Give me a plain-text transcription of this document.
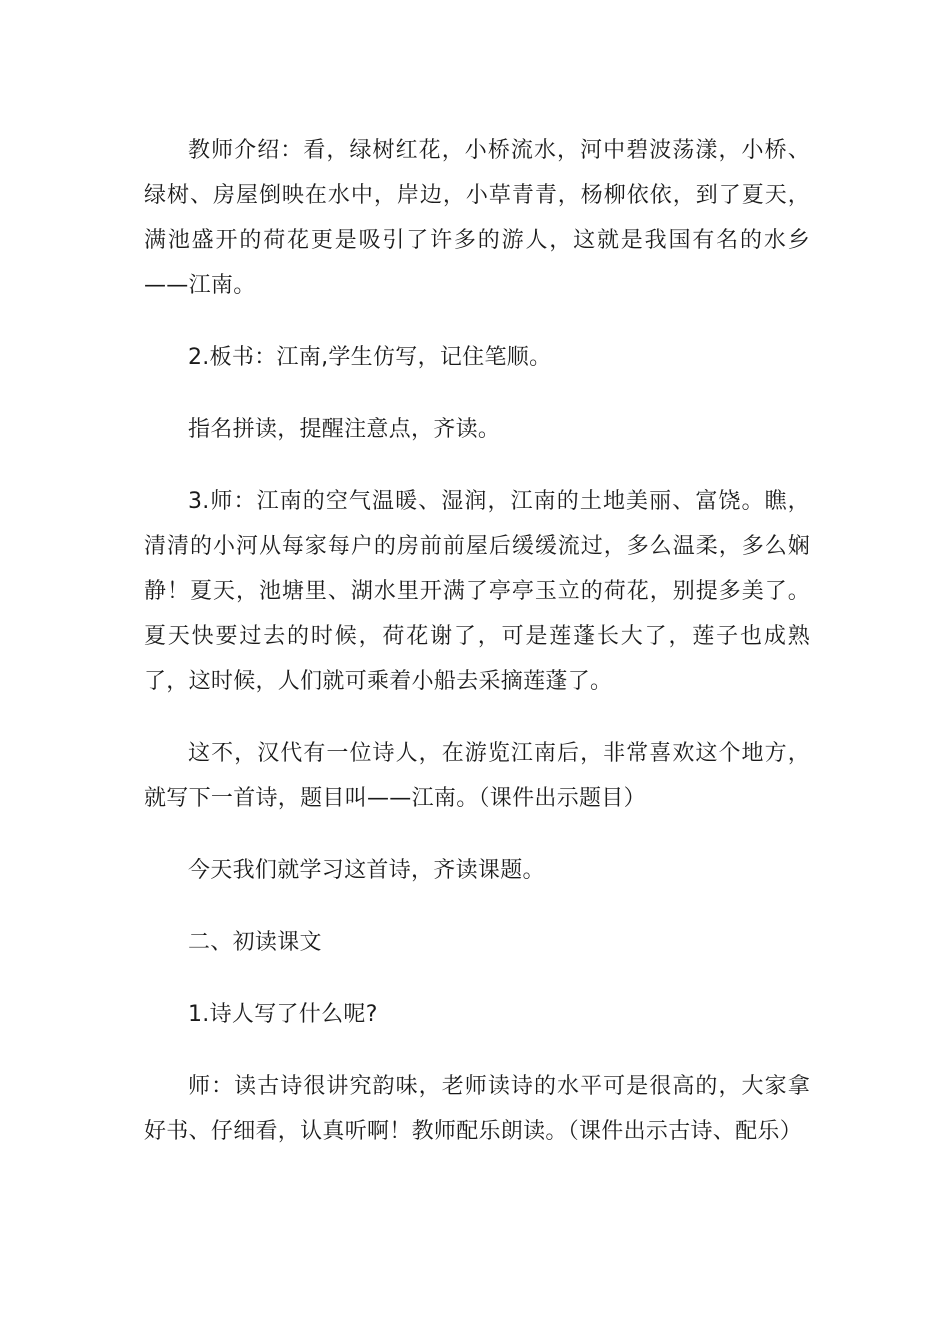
教师介绍：看，绿树红花，小桥流水，河中碧波荡漾，小桥、绿树、房屋倒映在水中，岸边，小草青青，杨柳依依，到了夏天，满池盛开的荷花更是吸引了许多的游人，这就是我国有名的水乡——江南。

2.板书：江南,学生仿写，记住笔顺。

指名拼读，提醒注意点，齐读。

3.师：江南的空气温暖、湿润，江南的土地美丽、富饶。瞧，清清的小河从每家每户的房前前屋后缓缓流过，多么温柔，多么娴静！夏天，池塘里、湖水里开满了亭亭玉立的荷花，别提多美了。夏天快要过去的时候，荷花谢了，可是莲蓬长大了，莲子也成熟了，这时候，人们就可乘着小船去采摘莲蓬了。

这不，汉代有一位诗人，在游览江南后，非常喜欢这个地方，就写下一首诗，题目叫——江南。（课件出示题目）

今天我们就学习这首诗，齐读课题。

二、初读课文

1.诗人写了什么呢?

师：读古诗很讲究韵味，老师读诗的水平可是很高的，大家拿好书、仔细看，认真听啊！教师配乐朗读。（课件出示古诗、配乐）
